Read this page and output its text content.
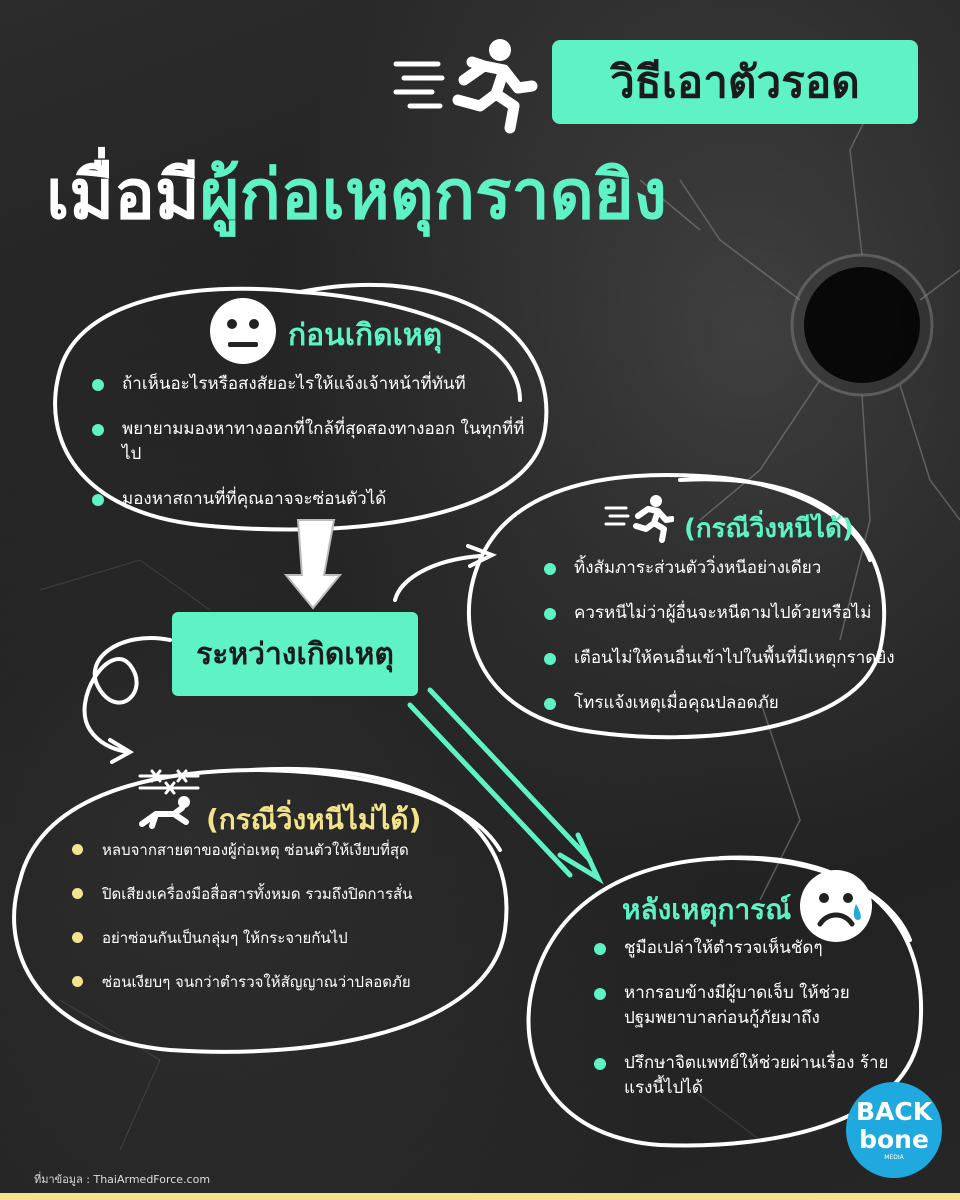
วิธีเอาตัวรอด
เมื่อมีผู้ก่อเหตุกราดยิง
ก่อนเกิดเหตุ
ถ้าเห็นอะไรหรือสงสัยอะไรให้แจ้งเจ้าหน้าที่ทันที
พยายามมองหาทางออกที่ใกล้ที่สุดสองทางออก ในทุกที่ที่ไป
มองหาสถานที่ที่คุณอาจจะซ่อนตัวได้
ระหว่างเกิดเหตุ
(กรณีวิ่งหนีได้)
ทิ้งสัมภาระส่วนตัววิ่งหนีอย่างเดียว
ควรหนีไม่ว่าผู้อื่นจะหนีตามไปด้วยหรือไม่
เตือนไม่ให้คนอื่นเข้าไปในพื้นที่มีเหตุกราดยิง
โทรแจ้งเหตุเมื่อคุณปลอดภัย
(กรณีวิ่งหนีไม่ได้)
หลบจากสายตาของผู้ก่อเหตุ ซ่อนตัวให้เงียบที่สุด
ปิดเสียงเครื่องมือสื่อสารทั้งหมด รวมถึงปิดการสั่น
อย่าซ่อนกันเป็นกลุ่มๆ ให้กระจายกันไป
ซ่อนเงียบๆ จนกว่าตำรวจให้สัญญาณว่าปลอดภัย
หลังเหตุการณ์
ชูมือเปล่าให้ตำรวจเห็นชัดๆ
หากรอบข้างมีผู้บาดเจ็บ ให้ช่วยปฐมพยาบาลก่อนกู้ภัยมาถึง
ปรึกษาจิตแพทย์ให้ช่วยผ่านเรื่อง ร้ายแรงนี้ไปได้
ที่มาข้อมูล : ThaiArmedForce.com
BACK
bone
MEDIA
